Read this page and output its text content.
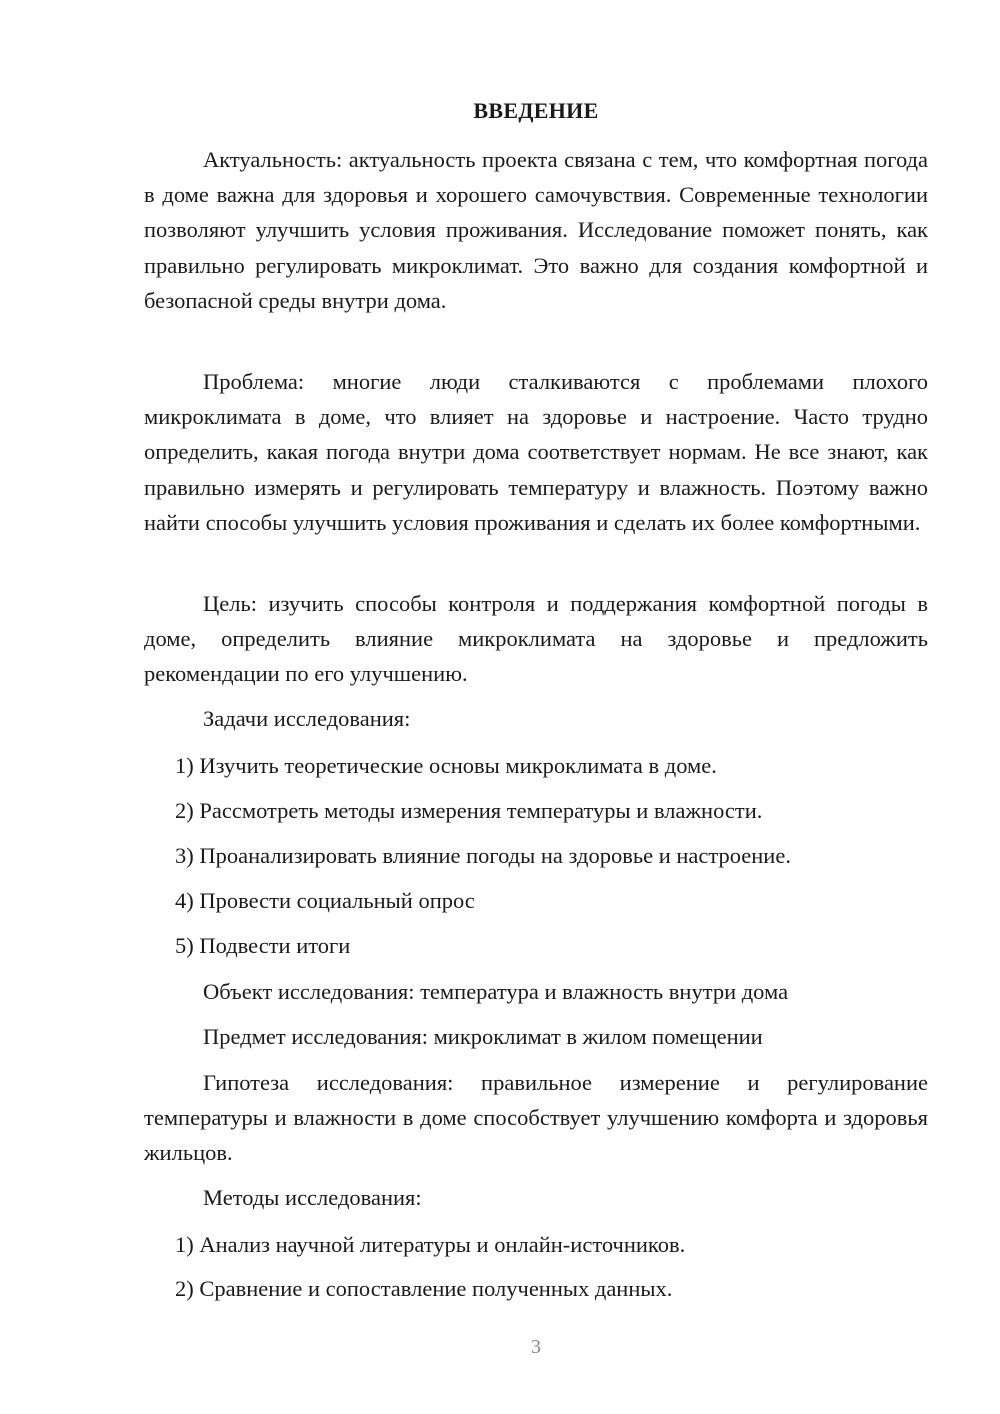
ВВЕДЕНИЕ

Актуальность: актуальность проекта связана с тем, что комфортная погода в доме важна для здоровья и хорошего самочувствия. Современные технологии позволяют улучшить условия проживания. Исследование поможет понять, как правильно регулировать микроклимат. Это важно для создания комфортной и безопасной среды внутри дома.

Проблема: многие люди сталкиваются с проблемами плохого микроклимата в доме, что влияет на здоровье и настроение. Часто трудно определить, какая погода внутри дома соответствует нормам. Не все знают, как правильно измерять и регулировать температуру и влажность. Поэтому важно найти способы улучшить условия проживания и сделать их более комфортными.

Цель: изучить способы контроля и поддержания комфортной погоды в доме, определить влияние микроклимата на здоровье и предложить рекомендации по его улучшению.

Задачи исследования:

1) Изучить теоретические основы микроклимата в доме.

2) Рассмотреть методы измерения температуры и влажности.

3) Проанализировать влияние погоды на здоровье и настроение.

4) Провести социальный опрос

5) Подвести итоги

Объект исследования: температура и влажность внутри дома

Предмет исследования: микроклимат в жилом помещении

Гипотеза исследования: правильное измерение и регулирование температуры и влажности в доме способствует улучшению комфорта и здоровья жильцов.

Методы исследования:

1) Анализ научной литературы и онлайн-источников.

2) Сравнение и сопоставление полученных данных.

3
